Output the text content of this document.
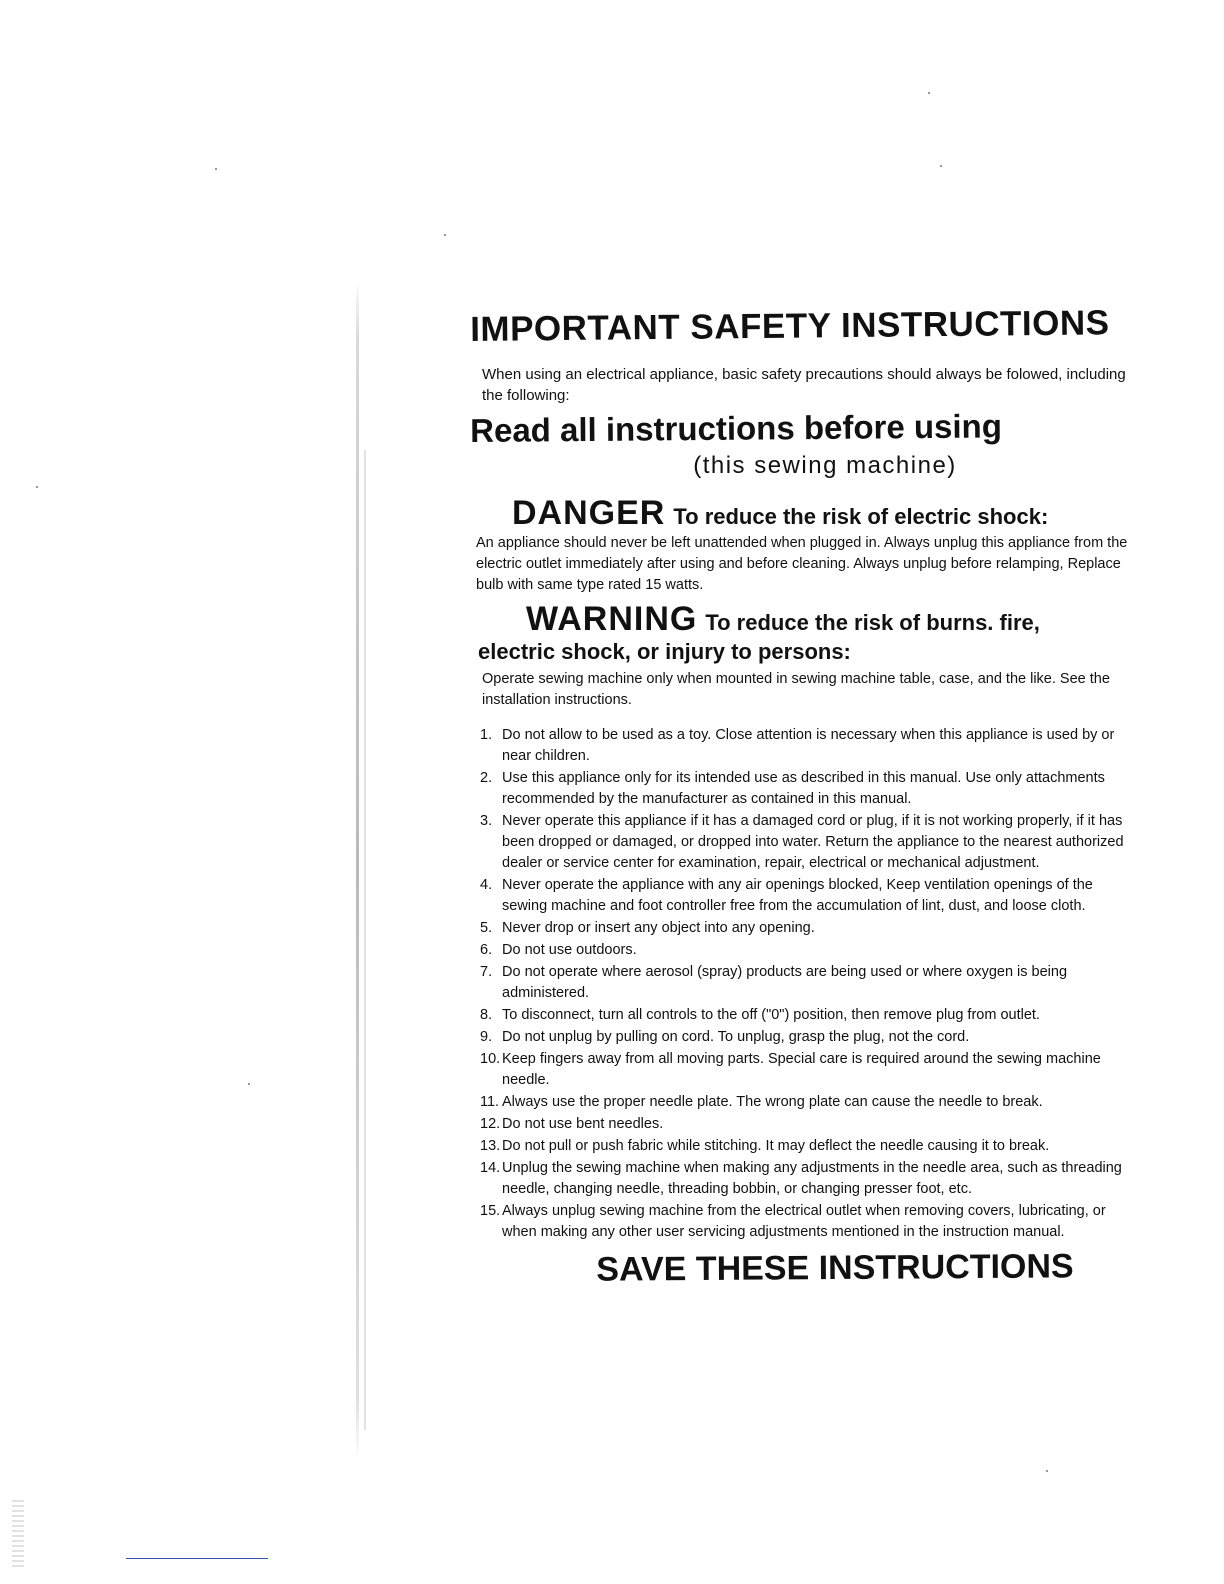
IMPORTANT SAFETY INSTRUCTIONS

When using an electrical appliance, basic safety precautions should always be folowed, including the following:

Read all instructions before using
(this sewing machine)
DANGER To reduce the risk of electric shock:

An appliance should never be left unattended when plugged in. Always unplug this appliance from the electric outlet immediately after using and before cleaning. Always unplug before relamping, Replace bulb with same type rated 15 watts.

WARNING To reduce the risk of burns. fire,
electric shock, or injury to persons:

Operate sewing machine only when mounted in sewing machine table, case, and the like. See the installation instructions.

1. Do not allow to be used as a toy. Close attention is necessary when this appliance is used by or near children.
2. Use this appliance only for its intended use as described in this manual. Use only attachments recommended by the manufacturer as contained in this manual.
3. Never operate this appliance if it has a damaged cord or plug, if it is not working properly, if it has been dropped or damaged, or dropped into water. Return the appliance to the nearest authorized dealer or service center for examination, repair, electrical or mechanical adjustment.
4. Never operate the appliance with any air openings blocked, Keep ventilation openings of the sewing machine and foot controller free from the accumulation of lint, dust, and loose cloth.
5. Never drop or insert any object into any opening.
6. Do not use outdoors.
7. Do not operate where aerosol (spray) products are being used or where oxygen is being administered.
8. To disconnect, turn all controls to the off ("0") position, then remove plug from outlet.
9. Do not unplug by pulling on cord. To unplug, grasp the plug, not the cord.
10. Keep fingers away from all moving parts. Special care is required around the sewing machine needle.
11. Always use the proper needle plate. The wrong plate can cause the needle to break.
12. Do not use bent needles.
13. Do not pull or push fabric while stitching. It may deflect the needle causing it to break.
14. Unplug the sewing machine when making any adjustments in the needle area, such as threading needle, changing needle, threading bobbin, or changing presser foot, etc.
15. Always unplug sewing machine from the electrical outlet when removing covers, lubricating, or when making any other user servicing adjustments mentioned in the instruction manual.
SAVE THESE INSTRUCTIONS
